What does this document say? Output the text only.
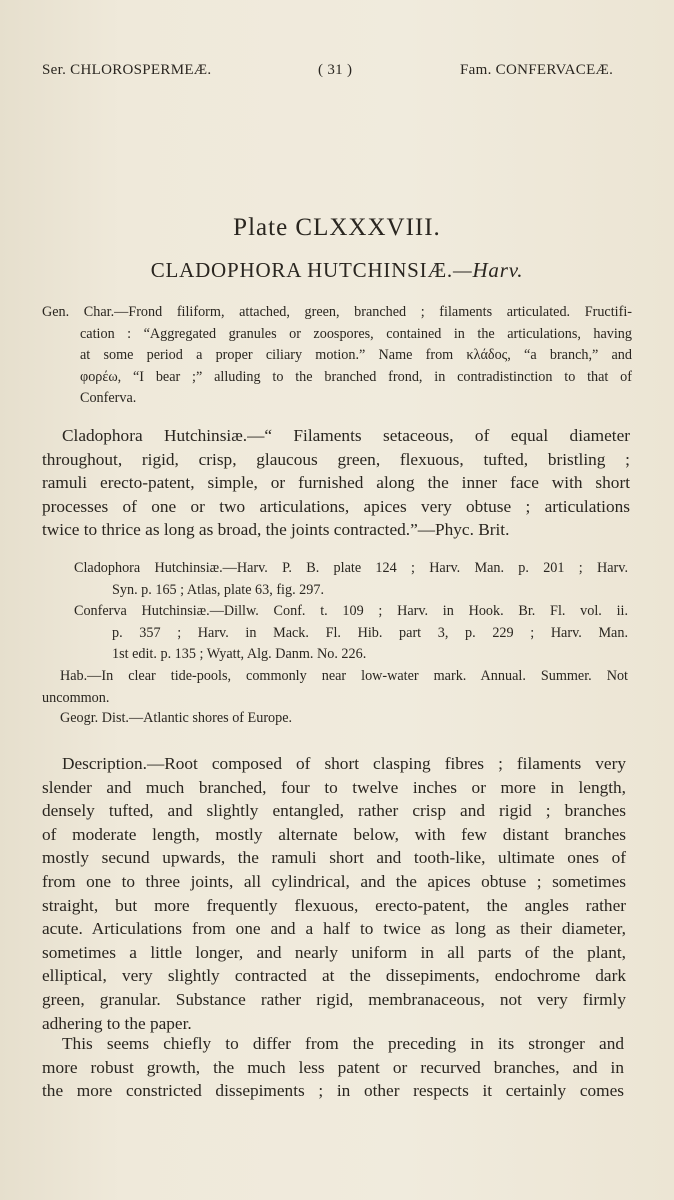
Ser. CHLOROSPERMEÆ.	( 31 )	Fam. CONFERVACEÆ.
Plate CLXXXVIII.
CLADOPHORA HUTCHINSIÆ.—Harv.
Gen. Char.—Frond filiform, attached, green, branched ; filaments articulated. Fructifi-
cation : “Aggregated granules or zoospores, contained in the articulations, having
at some period a proper ciliary motion.” Name from κλάδος, “a branch,” and
φορέω, “I bear ;” alluding to the branched frond, in contradistinction to that of
Conferva.
Cladophora Hutchinsiæ.—“ Filaments setaceous, of equal diameter
throughout, rigid, crisp, glaucous green, flexuous, tufted, bristling ;
ramuli erecto-patent, simple, or furnished along the inner face with short
processes of one or two articulations, apices very obtuse ; articulations
twice to thrice as long as broad, the joints contracted.”—Phyc. Brit.
Cladophora Hutchinsiæ.—Harv. P. B. plate 124 ; Harv. Man. p. 201 ; Harv.
Syn. p. 165 ; Atlas, plate 63, fig. 297.
Conferva Hutchinsiæ.—Dillw. Conf. t. 109 ; Harv. in Hook. Br. Fl. vol. ii.
p. 357 ; Harv. in Mack. Fl. Hib. part 3, p. 229 ; Harv. Man.
1st edit. p. 135 ; Wyatt, Alg. Danm. No. 226.
Hab.—In clear tide-pools, commonly near low-water mark. Annual. Summer. Not
uncommon.
Geogr. Dist.—Atlantic shores of Europe.
Description.—Root composed of short clasping fibres ; filaments very
slender and much branched, four to twelve inches or more in length,
densely tufted, and slightly entangled, rather crisp and rigid ; branches
of moderate length, mostly alternate below, with few distant branches
mostly secund upwards, the ramuli short and tooth-like, ultimate ones of
from one to three joints, all cylindrical, and the apices obtuse ; sometimes
straight, but more frequently flexuous, erecto-patent, the angles rather
acute. Articulations from one and a half to twice as long as their diameter,
sometimes a little longer, and nearly uniform in all parts of the plant,
elliptical, very slightly contracted at the dissepiments, endochrome dark
green, granular. Substance rather rigid, membranaceous, not very firmly
adhering to the paper.
This seems chiefly to differ from the preceding in its stronger and
more robust growth, the much less patent or recurved branches, and in
the more constricted dissepiments ; in other respects it certainly comes
